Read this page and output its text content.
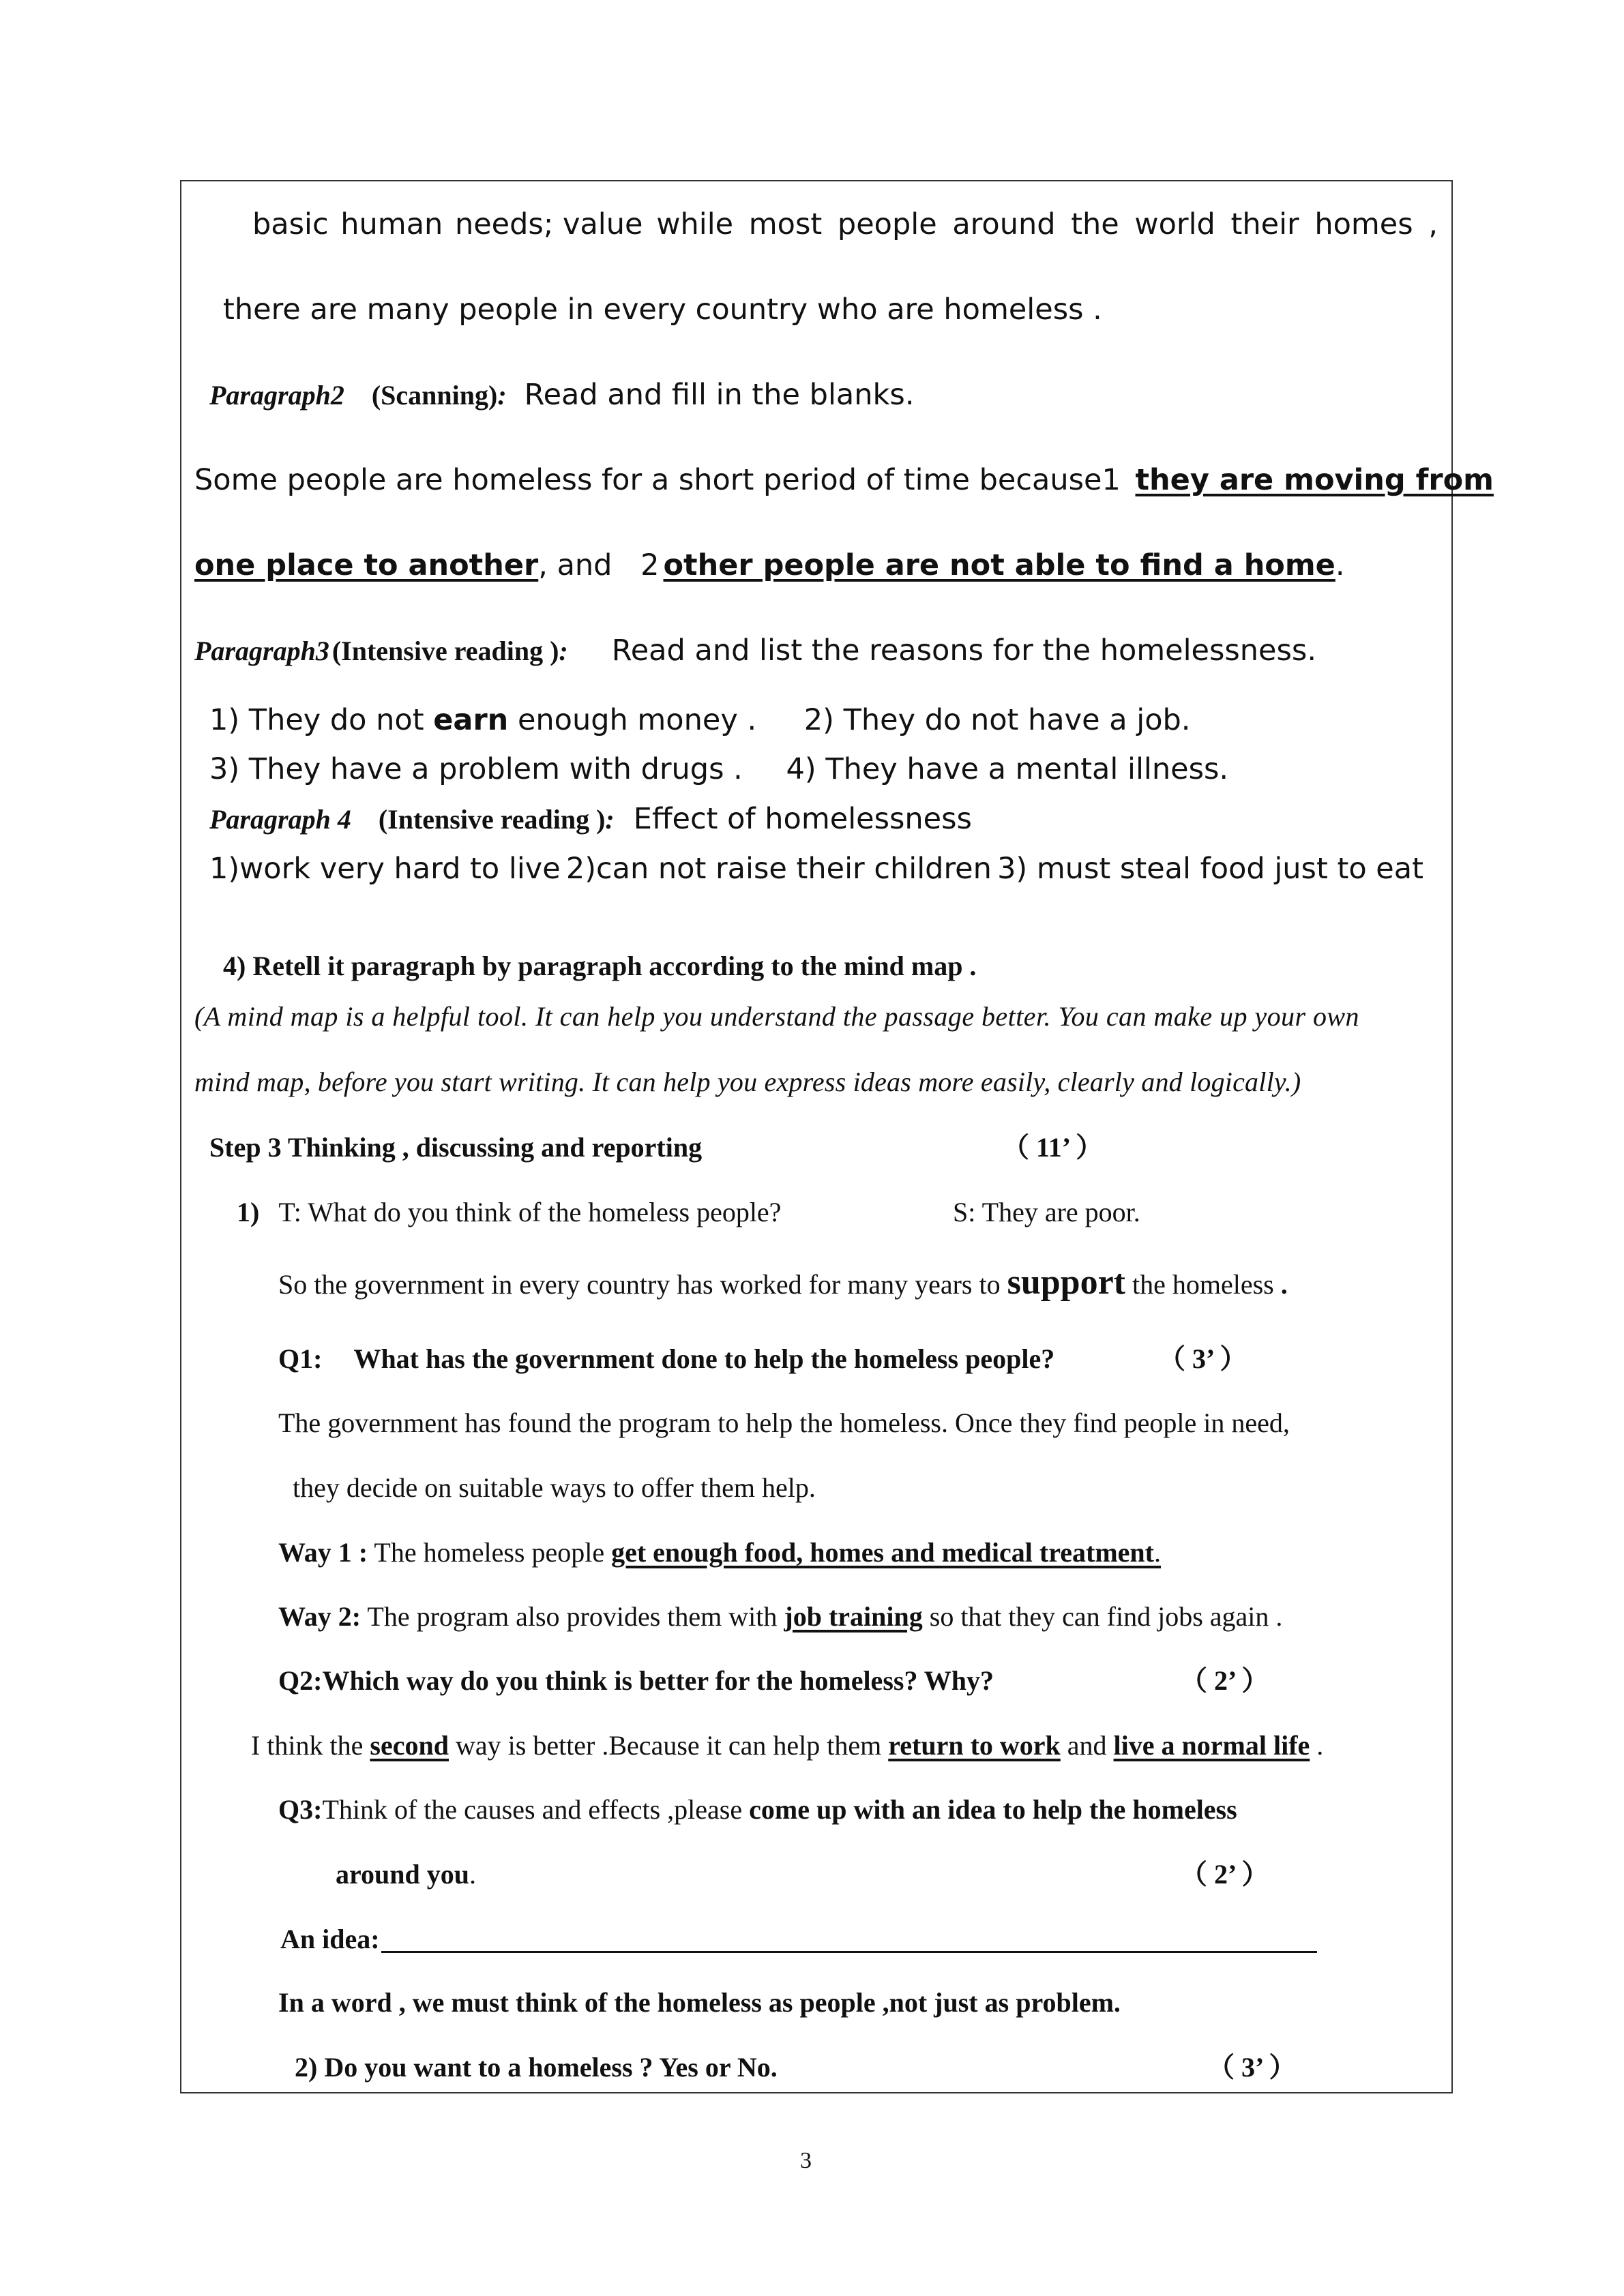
basic human needs ; value while most people around the world their homes ,
there are many people in every country who are homeless .
Paragraph2 (Scanning): Read and fill in the blanks.
Some people are homeless for a short period of time because 1 they are moving from
one place to another, and 2 other people are not able to find a home.
Paragraph3 (Intensive reading ): Read and list the reasons for the homelessness.
1) They do not earn enough money . 2) They do not have a job.
3) They have a problem with drugs . 4) They have a mental illness.
Paragraph 4 (Intensive reading ): Effect of homelessness
1)work very hard to live 2)can not raise their children 3) must steal food just to eat
4) Retell it paragraph by paragraph according to the mind map .
(A mind map is a helpful tool. It can help you understand the passage better. You can make up your own
mind map, before you start writing. It can help you express ideas more easily, clearly and logically.)
Step 3 Thinking , discussing and reporting	（ 11’ ）
1) T: What do you think of the homeless people?	S: They are poor.
So the government in every country has worked for many years to support the homeless .
Q1: What has the government done to help the homeless people?	（ 3’ ）
The government has found the program to help the homeless. Once they find people in need,
they decide on suitable ways to offer them help.
Way 1 : The homeless people get enough food, homes and medical treatment.
Way 2: The program also provides them with job training so that they can find jobs again .
Q2:Which way do you think is better for the homeless? Why?	（ 2’ ）
I think the second way is better .Because it can help them return to work and live a normal life .
Q3:Think of the causes and effects ,please come up with an idea to help the homeless
around you.	（ 2’ ）
An idea:
In a word , we must think of the homeless as people ,not just as problem.
2) Do you want to a homeless ? Yes or No.	（ 3’ ）
3
